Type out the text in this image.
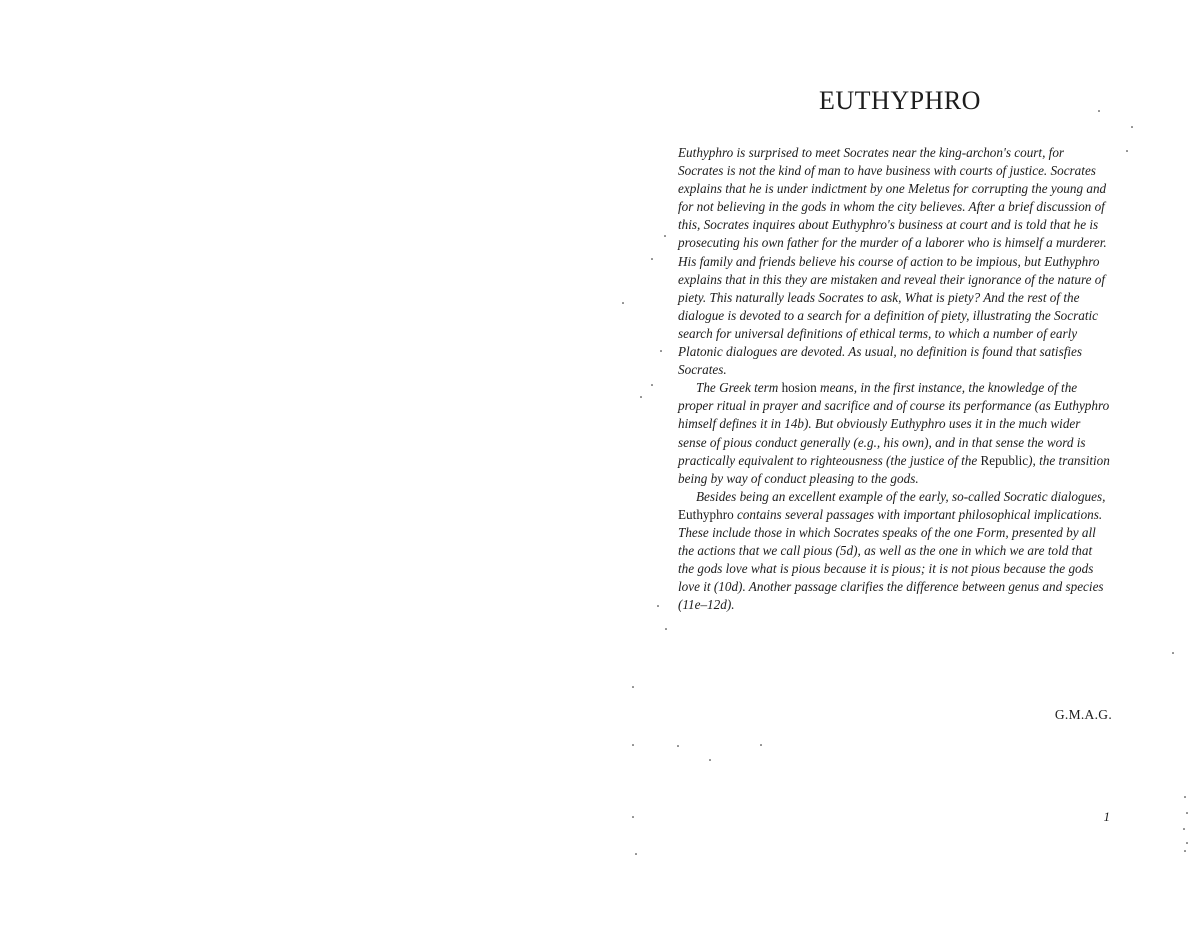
EUTHYPHRO

Euthyphro is surprised to meet Socrates near the king-archon's court, for Socrates is not the kind of man to have business with courts of justice. Socrates explains that he is under indictment by one Meletus for corrupting the young and for not believing in the gods in whom the city believes. After a brief discussion of this, Socrates inquires about Euthyphro's business at court and is told that he is prosecuting his own father for the murder of a laborer who is himself a murderer. His family and friends believe his course of action to be impious, but Euthyphro explains that in this they are mistaken and reveal their ignorance of the nature of piety. This naturally leads Socrates to ask, What is piety? And the rest of the dialogue is devoted to a search for a definition of piety, illustrating the Socratic search for universal definitions of ethical terms, to which a number of early Platonic dialogues are devoted. As usual, no definition is found that satisfies Socrates.

The Greek term hosion means, in the first instance, the knowledge of the proper ritual in prayer and sacrifice and of course its performance (as Euthyphro himself defines it in 14b). But obviously Euthyphro uses it in the much wider sense of pious conduct generally (e.g., his own), and in that sense the word is practically equivalent to righteousness (the justice of the Republic), the transition being by way of conduct pleasing to the gods.

Besides being an excellent example of the early, so-called Socratic dialogues, Euthyphro contains several passages with important philosophical implications. These include those in which Socrates speaks of the one Form, presented by all the actions that we call pious (5d), as well as the one in which we are told that the gods love what is pious because it is pious; it is not pious because the gods love it (10d). Another passage clarifies the difference between genus and species (11e–12d).

G.M.A.G.
1
